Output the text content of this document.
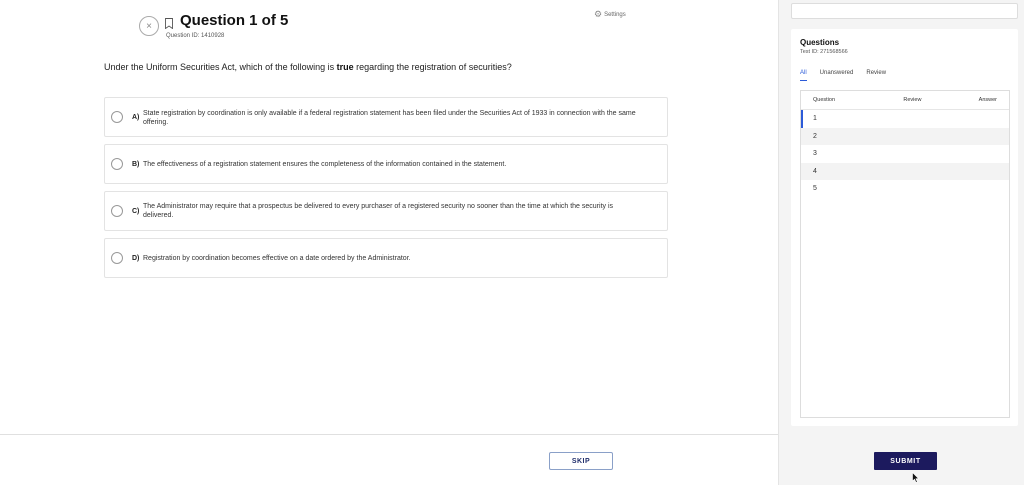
× Question 1 of 5
Question ID: 1410928
⚙ Settings
Under the Uniform Securities Act, which of the following is true regarding the registration of securities?
A)
State registration by coordination is only available if a federal registration statement has been filed under the Securities Act of 1933 in connection with the same offering.
B) The effectiveness of a registration statement ensures the completeness of the information contained in the statement.
C)
The Administrator may require that a prospectus be delivered to every purchaser of a registered security no sooner than the time at which the security is delivered.
D) Registration by coordination becomes effective on a date ordered by the Administrator.
SKIP
Questions
Test ID: 271568566
All Unanswered Review
Question	Review	Answer
1
2
3
4
5
SUBMIT
